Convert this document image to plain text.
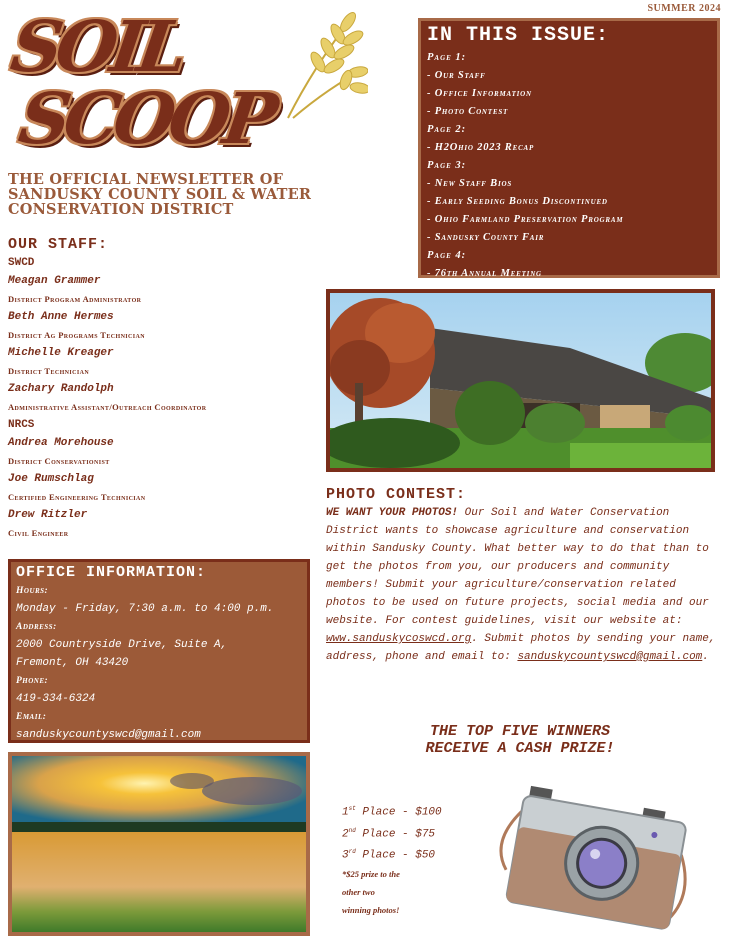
SUMMER 2024
SOIL
SCOOP
THE OFFICIAL NEWSLETTER OF SANDUSKY COUNTY SOIL & WATER CONSERVATION DISTRICT
IN THIS ISSUE:
Page 1:
- Our Staff
- Office Information
- Photo Contest
Page 2:
- H2Ohio 2023 Recap
Page 3:
- New Staff Bios
- Early Seeding Bonus Discontinued
- Ohio Farmland Preservation Program
- Sandusky County Fair
Page 4:
- 76th Annual Meeting
OUR STAFF:
SWCD
Meagan Grammer
District Program Administrator
Beth Anne Hermes
District Ag Programs Technician
Michelle Kreager
District Technician
Zachary Randolph
Administrative Assistant/Outreach Coordinator
NRCS
Andrea Morehouse
District Conservationist
Joe Rumschlag
Certified Engineering Technician
Drew Ritzler
Civil Engineer
OFFICE INFORMATION:
Hours:
Monday - Friday, 7:30 a.m. to 4:00 p.m.
Address:
2000 Countryside Drive, Suite A,
Fremont, OH 43420
Phone:
419-334-6324
Email:
sanduskycountyswcd@gmail.com
PHOTO CONTEST:

WE WANT YOUR PHOTOS! Our Soil and Water Conservation District wants to showcase agriculture and conservation within Sandusky County. What better way to do that than to get the photos from you, our producers and community members! Submit your agriculture/conservation related photos to be used on future projects, social media and our website. For contest guidelines, visit our website at: www.sanduskycoswcd.org. Submit photos by sending your name, address, phone and email to: sanduskycountyswcd@gmail.com.

THE TOP FIVE WINNERS
RECEIVE A CASH PRIZE!
1st Place - $100
2nd Place - $75
3rd Place - $50
*$25 prize to the
other two
winning photos!
